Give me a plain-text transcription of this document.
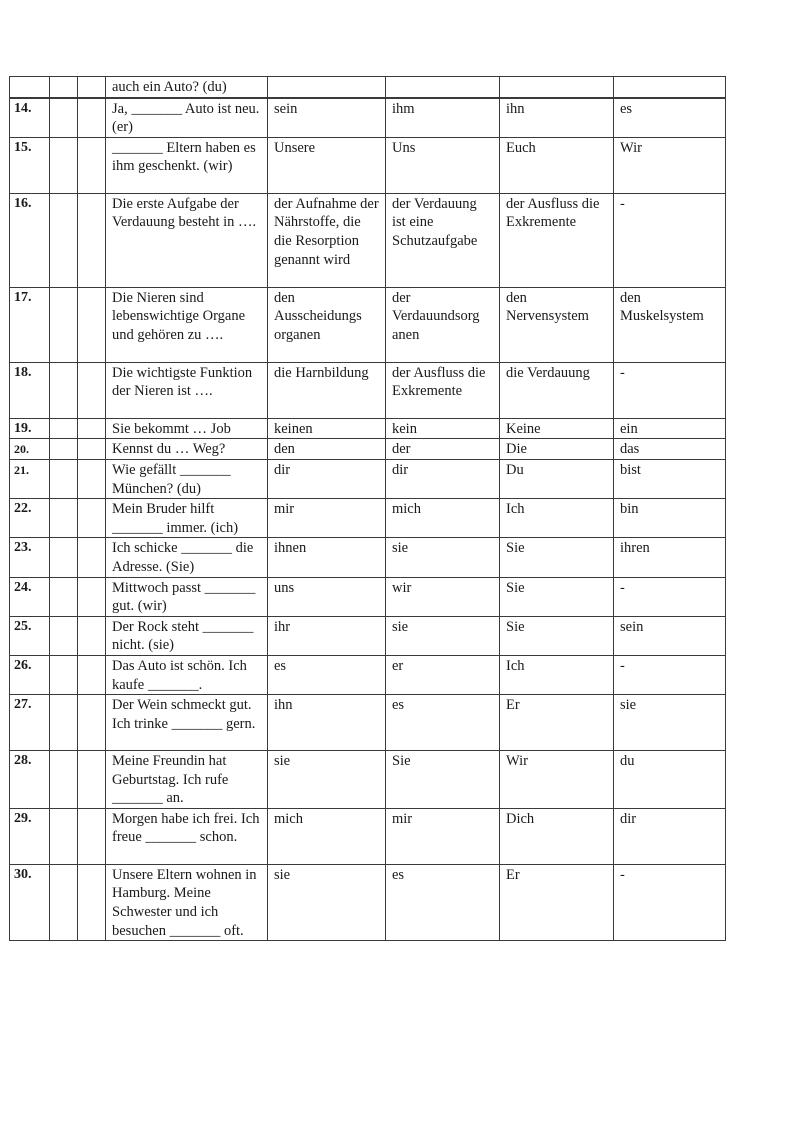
			auch ein Auto? (du)				
14.			Ja, _______ Auto ist neu. (er)	sein	ihm	ihn	es
15.			_______ Eltern haben es ihm geschenkt. (wir)	Unsere	Uns	Euch	Wir
16.			Die erste Aufgabe der Verdauung besteht in ….	der Aufnahme der Nährstoffe, die die Resorption genannt wird	der Verdauung ist eine Schutzaufgabe	der Ausfluss die Exkremente	-
17.			Die Nieren sind lebenswichtige Organe und gehören zu ….	den Ausscheidungs organen	der Verdauundsorg anen	den Nervensystem	den Muskelsystem
18.			Die wichtigste Funktion der Nieren ist ….	die Harnbildung	der Ausfluss die Exkremente	die Verdauung	-
19.			Sie bekommt … Job	keinen	kein	Keine	ein
20.			Kennst du … Weg?	den	der	Die	das
21.			Wie gefällt _______ München? (du)	dir	dir	Du	bist
22.			Mein Bruder hilft _______ immer. (ich)	mir	mich	Ich	bin
23.			Ich schicke _______ die Adresse. (Sie)	ihnen	sie	Sie	ihren
24.			Mittwoch passt _______ gut. (wir)	uns	wir	Sie	-
25.			Der Rock steht _______ nicht. (sie)	ihr	sie	Sie	sein
26.			Das Auto ist schön. Ich kaufe _______.	es	er	Ich	-
27.			Der Wein schmeckt gut. Ich trinke _______ gern.	ihn	es	Er	sie
28.			Meine Freundin hat Geburtstag. Ich rufe _______ an.	sie	Sie	Wir	du
29.			Morgen habe ich frei. Ich freue _______ schon.	mich	mir	Dich	dir
30.			Unsere Eltern wohnen in Hamburg. Meine Schwester und ich besuchen _______ oft.	sie	es	Er	-
